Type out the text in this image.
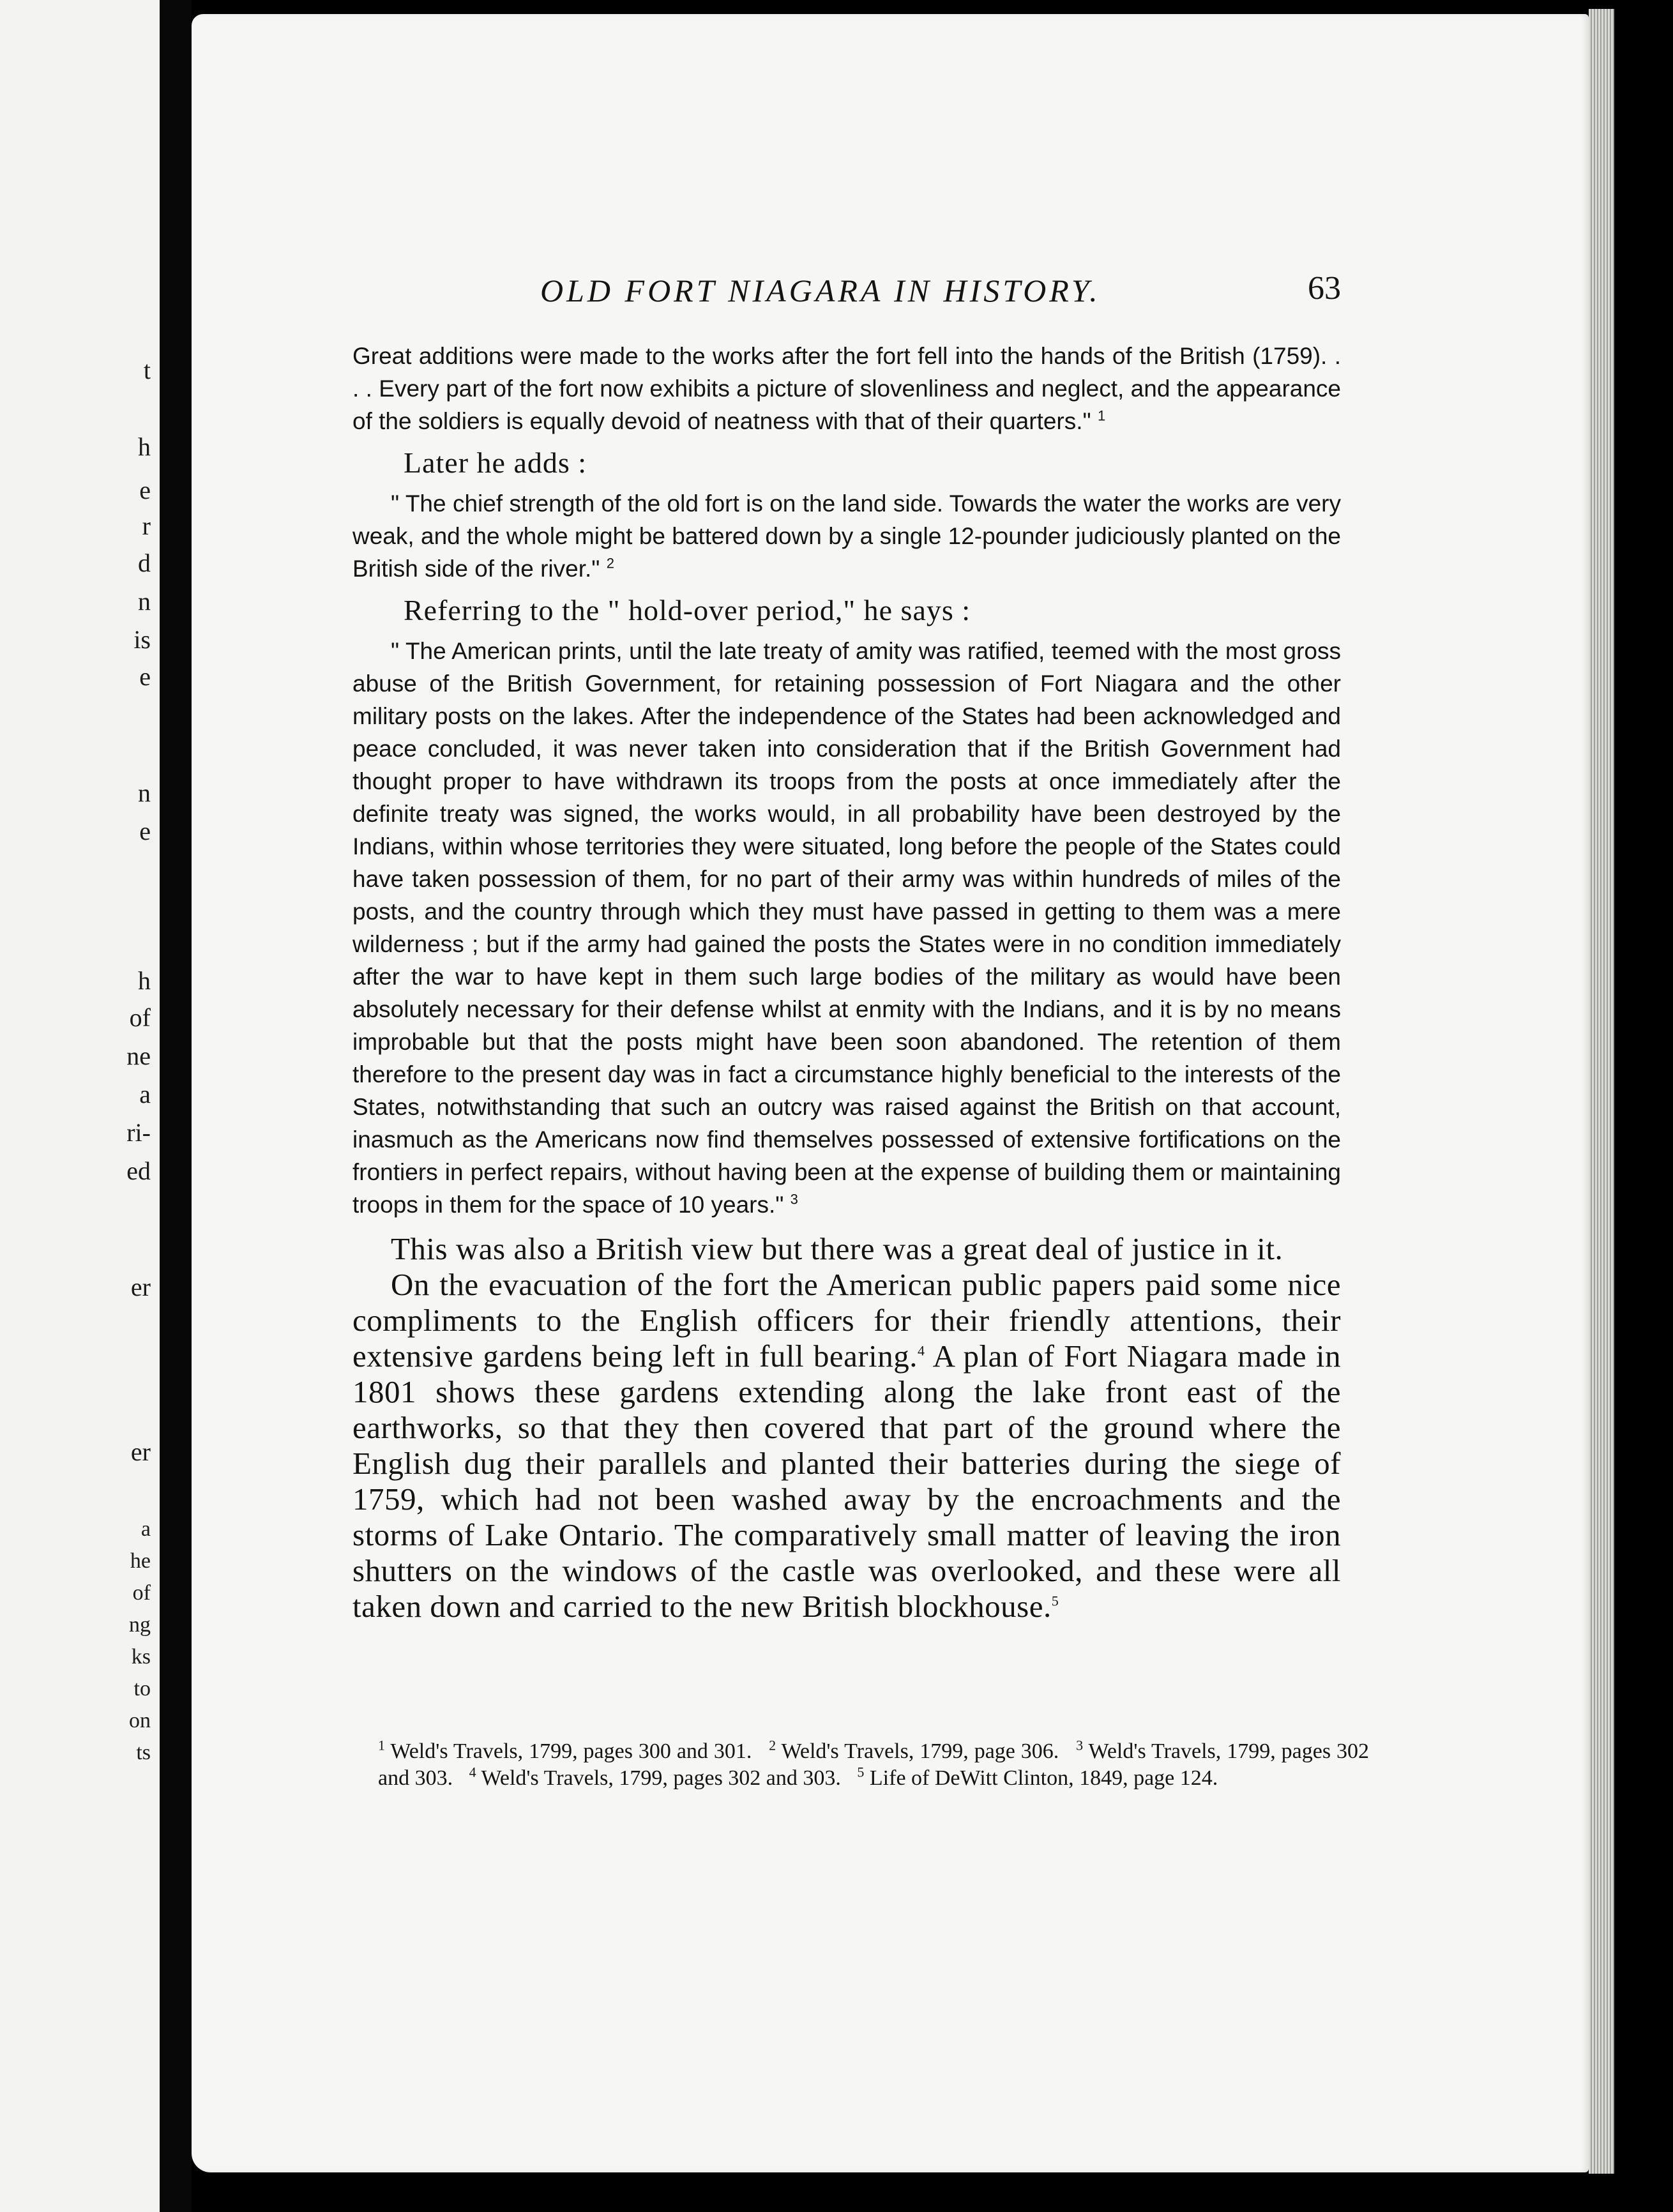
t
h
e
r
d
n
is
e
n
e
h
of
ne
a
ri-
ed
er
er
a
he
of
ng
ks
to
on
ts
OLD FORT NIAGARA IN HISTORY.	63

Great additions were made to the works after the fort fell into the hands of the British (1759). . . . Every part of the fort now exhibits a picture of slovenliness and neglect, and the appearance of the soldiers is equally devoid of neatness with that of their quarters." $^1$

Later he adds :

" The chief strength of the old fort is on the land side. Towards the water the works are very weak, and the whole might be battered down by a single 12-pounder judiciously planted on the British side of the river." $^2$

Referring to the " hold-over period," he says :

" The American prints, until the late treaty of amity was ratified, teemed with the most gross abuse of the British Government, for retaining possession of Fort Niagara and the other military posts on the lakes. After the independence of the States had been acknowledged and peace concluded, it was never taken into consideration that if the British Government had thought proper to have withdrawn its troops from the posts at once immediately after the definite treaty was signed, the works would, in all probability have been destroyed by the Indians, within whose territories they were situated, long before the people of the States could have taken possession of them, for no part of their army was within hundreds of miles of the posts, and the country through which they must have passed in getting to them was a mere wilderness ; but if the army had gained the posts the States were in no condition immediately after the war to have kept in them such large bodies of the military as would have been absolutely necessary for their defense whilst at enmity with the Indians, and it is by no means improbable but that the posts might have been soon abandoned. The retention of them therefore to the present day was in fact a circumstance highly beneficial to the interests of the States, notwithstanding that such an outcry was raised against the British on that account, inasmuch as the Americans now find themselves possessed of extensive fortifications on the frontiers in perfect repairs, without having been at the expense of building them or maintaining troops in them for the space of 10 years." $^3$

This was also a British view but there was a great deal of justice in it.

On the evacuation of the fort the American public papers paid some nice compliments to the English officers for their friendly attentions, their extensive gardens being left in full bearing.$^4$ A plan of Fort Niagara made in 1801 shows these gardens extending along the lake front east of the earthworks, so that they then covered that part of the ground where the English dug their parallels and planted their batteries during the siege of 1759, which had not been washed away by the encroachments and the storms of Lake Ontario. The comparatively small matter of leaving the iron shutters on the windows of the castle was overlooked, and these were all taken down and carried to the new British blockhouse.$^5$

$^1$ Weld's Travels, 1799, pages 300 and 301. $^2$ Weld's Travels, 1799, page 306. $^3$ Weld's Travels, 1799, pages 302 and 303. $^4$ Weld's Travels, 1799, pages 302 and 303. $^5$ Life of DeWitt Clinton, 1849, page 124.
